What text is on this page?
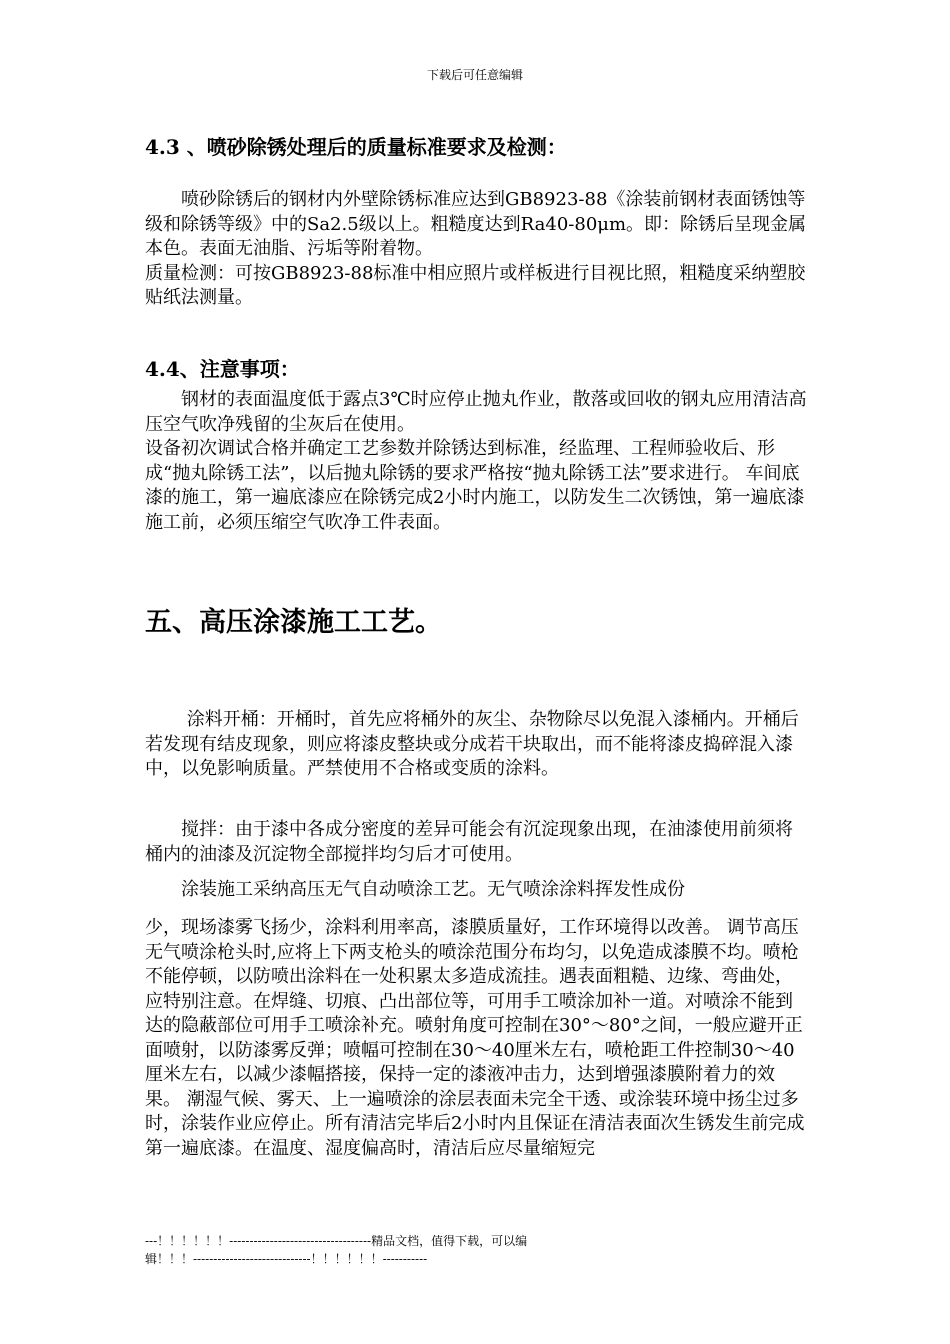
下载后可任意编辑
4.3 、喷砂除锈处理后的质量标准要求及检测：

　　喷砂除锈后的钢材内外壁除锈标准应达到GB8923-88《涂装前钢材表面锈蚀等级和除锈等级》中的Sa2.5级以上。粗糙度达到Ra40-80μm。即：除锈后呈现金属本色。表面无油脂、污垢等附着物。

质量检测：可按GB8923-88标准中相应照片或样板进行目视比照，粗糙度采纳塑胶贴纸法测量。

4.4、注意事项：

　　钢材的表面温度低于露点3℃时应停止抛丸作业，散落或回收的钢丸应用清洁高压空气吹净残留的尘灰后在使用。

设备初次调试合格并确定工艺参数并除锈达到标准，经监理、工程师验收后、形成“抛丸除锈工法”，以后抛丸除锈的要求严格按“抛丸除锈工法”要求进行。 车间底漆的施工，第一遍底漆应在除锈完成2小时内施工，以防发生二次锈蚀，第一遍底漆施工前，必须压缩空气吹净工件表面。

五、高压涂漆施工工艺。

　　 涂料开桶：开桶时，首先应将桶外的灰尘、杂物除尽以免混入漆桶内。开桶后若发现有结皮现象，则应将漆皮整块或分成若干块取出，而不能将漆皮捣碎混入漆中，以免影响质量。严禁使用不合格或变质的涂料。

　　搅拌：由于漆中各成分密度的差异可能会有沉淀现象出现，在油漆使用前须将桶内的油漆及沉淀物全部搅拌均匀后才可使用。

　　涂装施工采纳高压无气自动喷涂工艺。无气喷涂涂料挥发性成份

少，现场漆雾飞扬少，涂料利用率高，漆膜质量好，工作环境得以改善。 调节高压无气喷涂枪头时,应将上下两支枪头的喷涂范围分布均匀，以免造成漆膜不均。喷枪不能停顿，以防喷出涂料在一处积累太多造成流挂。遇表面粗糙、边缘、弯曲处，应特别注意。在焊缝、切痕、凸出部位等，可用手工喷涂加补一道。对喷涂不能到达的隐蔽部位可用手工喷涂补充。喷射角度可控制在30°～80°之间，一般应避开正面喷射，以防漆雾反弹；喷幅可控制在30～40厘米左右，喷枪距工件控制30～40厘米左右，以减少漆幅搭接，保持一定的漆液冲击力，达到增强漆膜附着力的效果。 潮湿气候、雾天、上一遍喷涂的涂层表面未完全干透、或涂装环境中扬尘过多时，涂装作业应停止。所有清洁完毕后2小时内且保证在清洁表面次生锈发生前完成第一遍底漆。在温度、湿度偏高时，清洁后应尽量缩短完

---！！！！！！-----------------------------------精品文档，值得下载，可以编
辑！！！-----------------------------！！！！！！-----------
